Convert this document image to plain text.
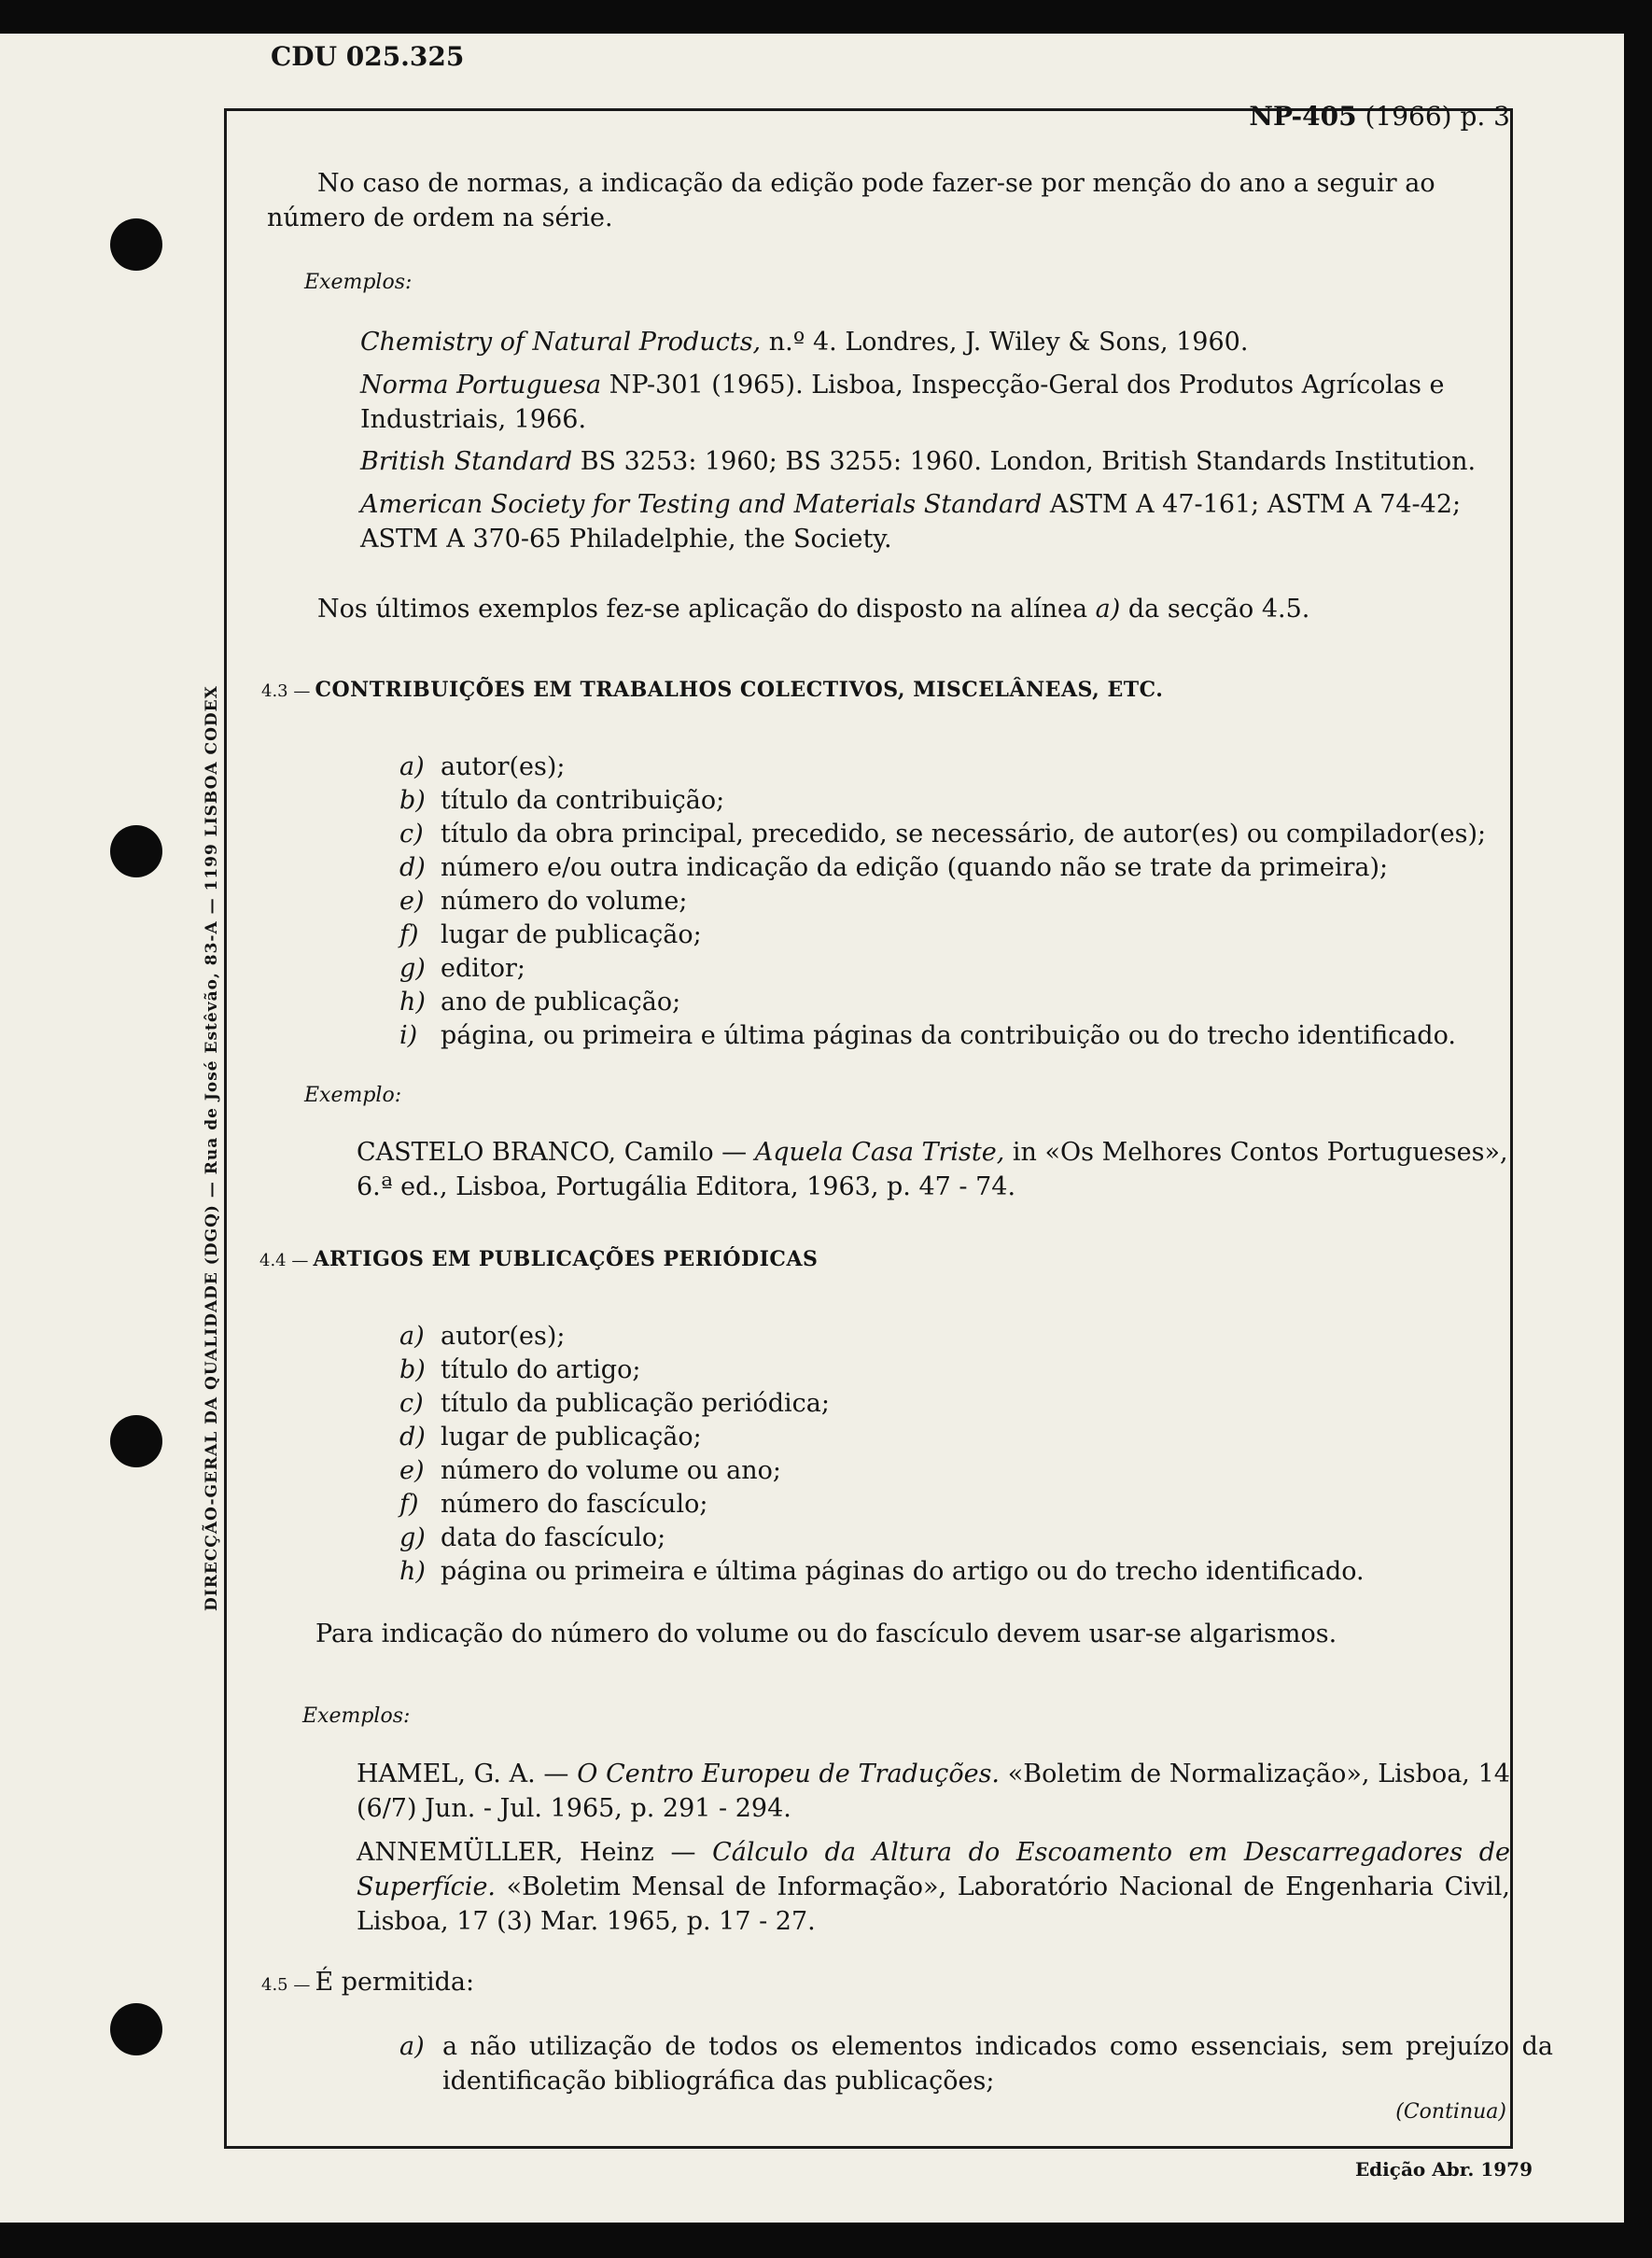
CDU 025.325
DIRECÇÃO-GERAL DA QUALIDADE (DGQ) — Rua de José Estêvão, 83-A — 1199 LISBOA CODEX
NP-405 (1966) p. 3
No caso de normas, a indicação da edição pode fazer-se por menção do ano a seguir ao número de ordem na série.
Exemplos:
Chemistry of Natural Products, n.º 4. Londres, J. Wiley & Sons, 1960.
Norma Portuguesa NP-301 (1965). Lisboa, Inspecção-Geral dos Produtos Agrícolas e Industriais, 1966.
British Standard BS 3253: 1960; BS 3255: 1960. London, British Standards Institution.
American Society for Testing and Materials Standard ASTM A 47-161; ASTM A 74-42; ASTM A 370-65 Philadelphie, the Society.
Nos últimos exemplos fez-se aplicação do disposto na alínea a) da secção 4.5.
4.3 — CONTRIBUIÇÕES EM TRABALHOS COLECTIVOS, MISCELÂNEAS, ETC.
a) autor(es);
b) título da contribuição;
c) título da obra principal, precedido, se necessário, de autor(es) ou compilador(es);
d) número e/ou outra indicação da edição (quando não se trate da primeira);
e) número do volume;
f) lugar de publicação;
g) editor;
h) ano de publicação;
i) página, ou primeira e última páginas da contribuição ou do trecho identificado.
Exemplo:
CASTELO BRANCO, Camilo — Aquela Casa Triste, in «Os Melhores Contos Portugueses», 6.ª ed., Lisboa, Portugália Editora, 1963, p. 47 - 74.
4.4 — ARTIGOS EM PUBLICAÇÕES PERIÓDICAS
a) autor(es);
b) título do artigo;
c) título da publicação periódica;
d) lugar de publicação;
e) número do volume ou ano;
f) número do fascículo;
g) data do fascículo;
h) página ou primeira e última páginas do artigo ou do trecho identificado.
Para indicação do número do volume ou do fascículo devem usar-se algarismos.
Exemplos:
HAMEL, G. A. — O Centro Europeu de Traduções. «Boletim de Normalização», Lisboa, 14 (6/7) Jun. - Jul. 1965, p. 291 - 294.
ANNEMÜLLER, Heinz — Cálculo da Altura do Escoamento em Descarregadores de Superfície. «Boletim Mensal de Informação», Laboratório Nacional de Engenharia Civil, Lisboa, 17 (3) Mar. 1965, p. 17 - 27.
4.5 — É permitida:
a) a não utilização de todos os elementos indicados como essenciais, sem prejuízo da identificação bibliográfica das publicações;
(Continua)
Edição Abr. 1979
